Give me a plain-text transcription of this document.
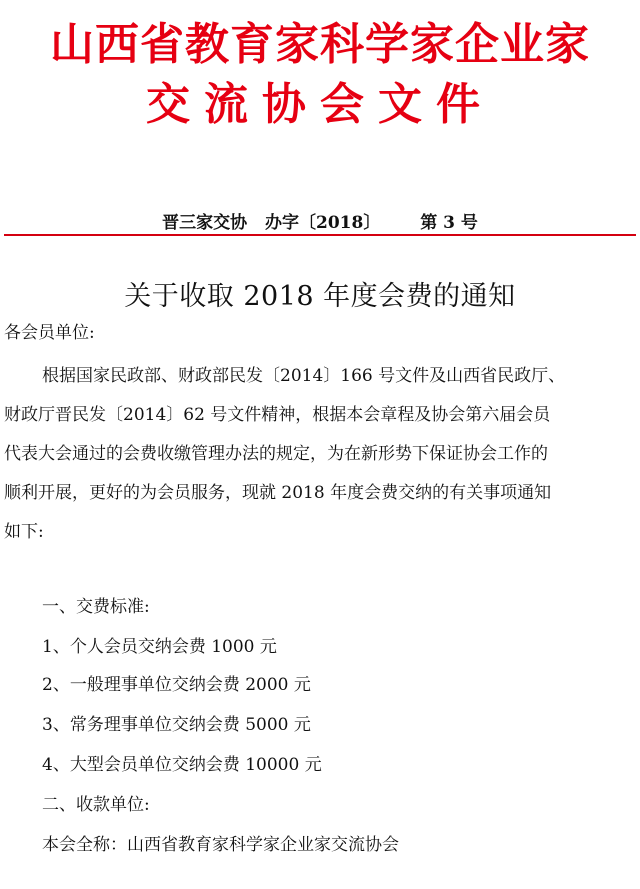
山西省教育家科学家企业家
交流协会文件
晋三家交协 办字〔2018〕 第 3 号
关于收取 2018 年度会费的通知
各会员单位:
根据国家民政部、财政部民发〔2014〕166 号文件及山西省民政厅、
财政厅晋民发〔2014〕62 号文件精神，根据本会章程及协会第六届会员
代表大会通过的会费收缴管理办法的规定，为在新形势下保证协会工作的
顺利开展，更好的为会员服务，现就 2018 年度会费交纳的有关事项通知
如下:
一、交费标准:
1、个人会员交纳会费 1000 元
2、一般理事单位交纳会费 2000 元
3、常务理事单位交纳会费 5000 元
4、大型会员单位交纳会费 10000 元
二、收款单位:
本会全称：山西省教育家科学家企业家交流协会
